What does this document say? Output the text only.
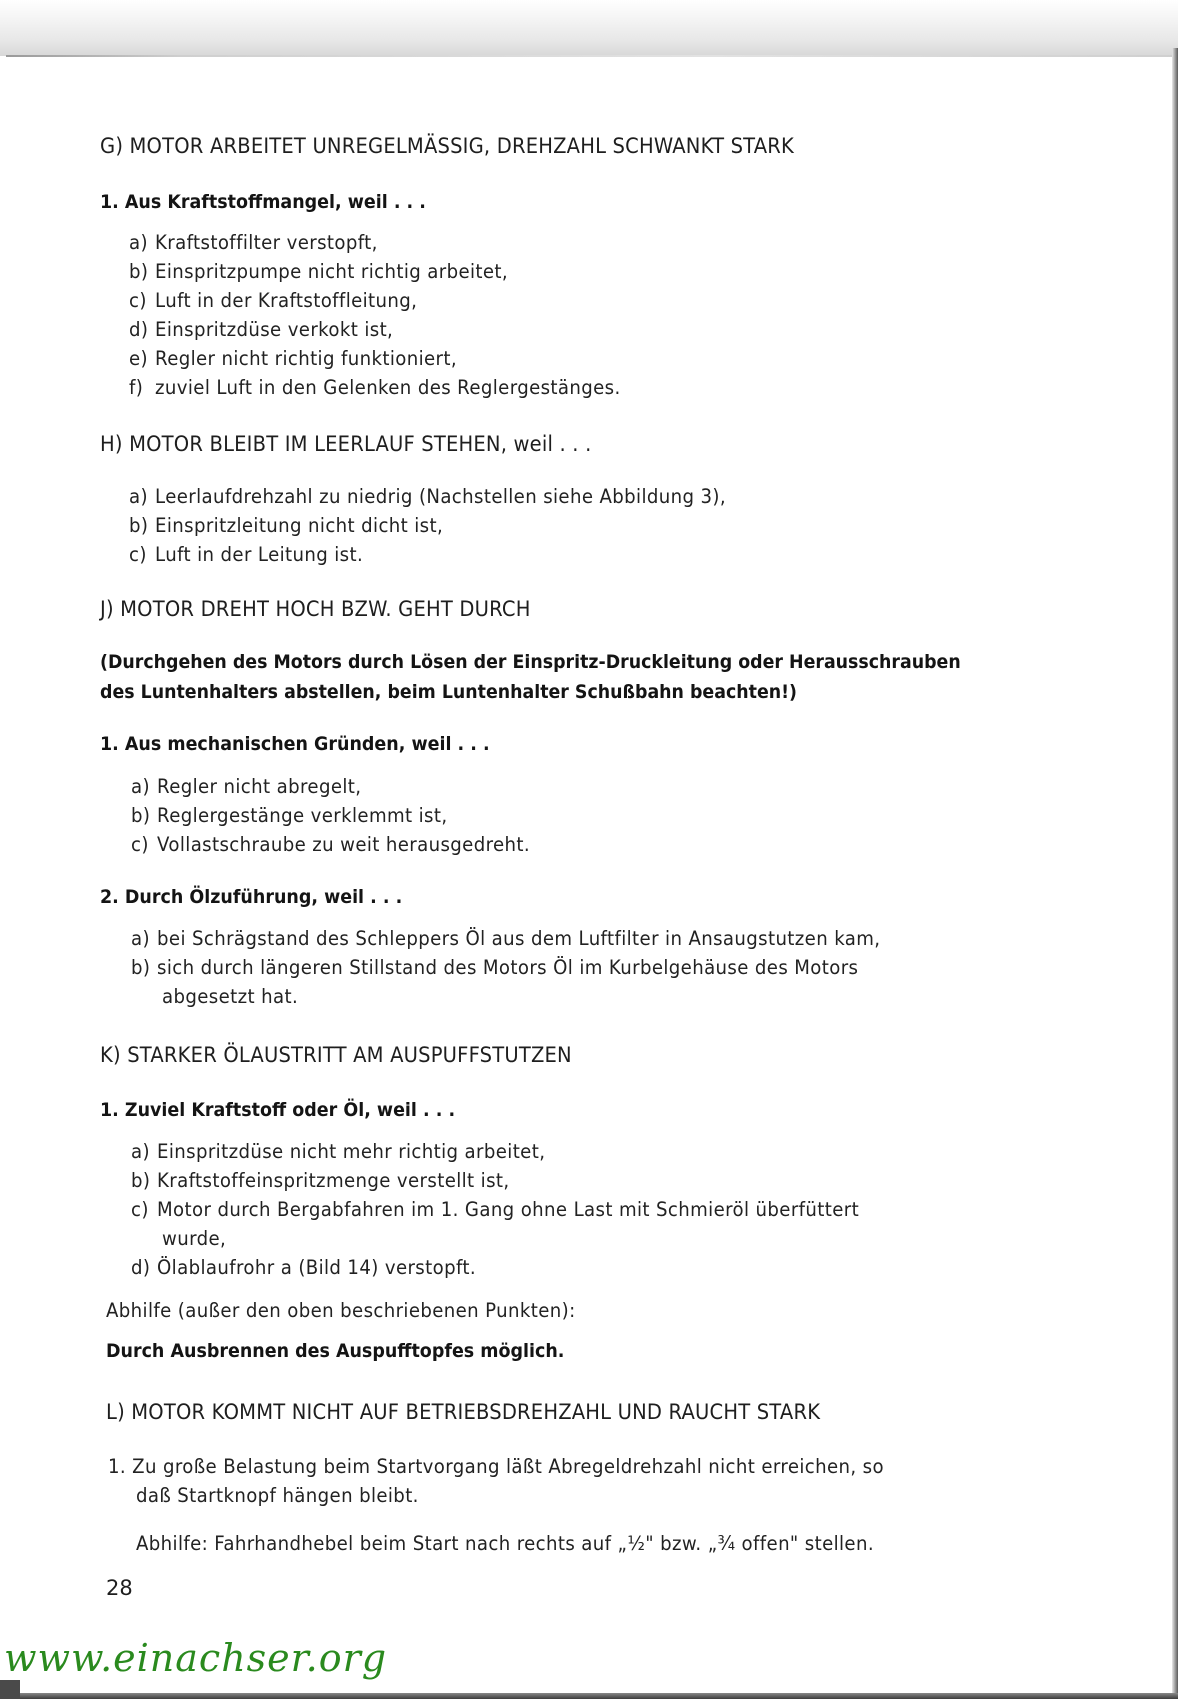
G) MOTOR ARBEITET UNREGELMÄSSIG, DREHZAHL SCHWANKT STARK
1. Aus Kraftstoffmangel, weil . . .
a) Kraftstoffilter verstopft,
b) Einspritzpumpe nicht richtig arbeitet,
c) Luft in der Kraftstoffleitung,
d) Einspritzdüse verkokt ist,
e) Regler nicht richtig funktioniert,
f) zuviel Luft in den Gelenken des Reglergestänges.
H) MOTOR BLEIBT IM LEERLAUF STEHEN, weil . . .
a) Leerlaufdrehzahl zu niedrig (Nachstellen siehe Abbildung 3),
b) Einspritzleitung nicht dicht ist,
c) Luft in der Leitung ist.
J) MOTOR DREHT HOCH BZW. GEHT DURCH
(Durchgehen des Motors durch Lösen der Einspritz-Druckleitung oder Herausschrauben
des Luntenhalters abstellen, beim Luntenhalter Schußbahn beachten!)
1. Aus mechanischen Gründen, weil . . .
a) Regler nicht abregelt,
b) Reglergestänge verklemmt ist,
c) Vollastschraube zu weit herausgedreht.
2. Durch Ölzuführung, weil . . .
a) bei Schrägstand des Schleppers Öl aus dem Luftfilter in Ansaugstutzen kam,
b) sich durch längeren Stillstand des Motors Öl im Kurbelgehäuse des Motors
abgesetzt hat.
K) STARKER ÖLAUSTRITT AM AUSPUFFSTUTZEN
1. Zuviel Kraftstoff oder Öl, weil . . .
a) Einspritzdüse nicht mehr richtig arbeitet,
b) Kraftstoffeinspritzmenge verstellt ist,
c) Motor durch Bergabfahren im 1. Gang ohne Last mit Schmieröl überfüttert
wurde,
d) Ölablaufrohr a (Bild 14) verstopft.
Abhilfe (außer den oben beschriebenen Punkten):
Durch Ausbrennen des Auspufftopfes möglich.
L) MOTOR KOMMT NICHT AUF BETRIEBSDREHZAHL UND RAUCHT STARK
1. Zu große Belastung beim Startvorgang läßt Abregeldrehzahl nicht erreichen, so
daß Startknopf hängen bleibt.
Abhilfe: Fahrhandhebel beim Start nach rechts auf „½" bzw. „¾ offen" stellen.
28
www.einachser.org
